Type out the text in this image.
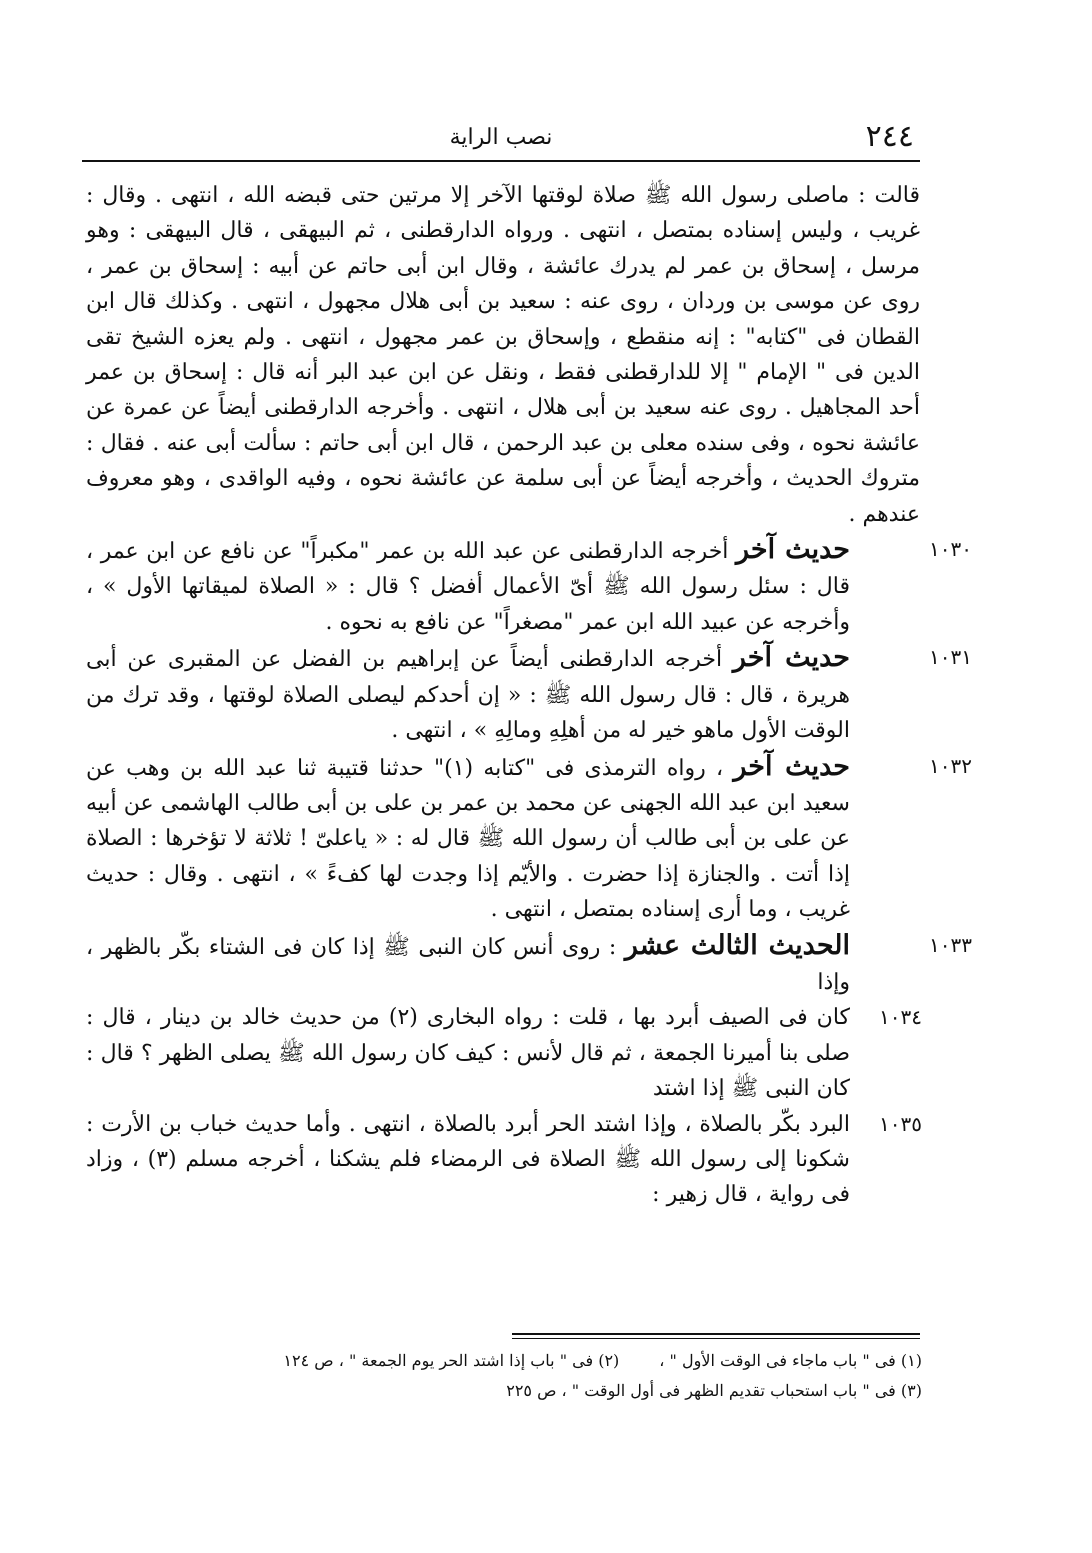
٢٤٤
نصب الراية

قالت : ماصلى رسول الله ﷺ صلاة لوقتها الآخر إلا مرتين حتى قبضه الله ، انتهى . وقال : غريب ، وليس إسناده بمتصل ، انتهى . ورواه الدارقطنى ، ثم البيهقى ، قال البيهقى : وهو مرسل ، إسحاق بن عمر لم يدرك عائشة ، وقال ابن أبى حاتم عن أبيه : إسحاق بن عمر ، روى عن موسى بن وردان ، روى عنه : سعيد بن أبى هلال مجهول ، انتهى . وكذلك قال ابن القطان فى "كتابه" : إنه منقطع ، وإسحاق بن عمر مجهول ، انتهى . ولم يعزه الشيخ تقى الدين فى " الإمام " إلا للدارقطنى فقط ، ونقل عن ابن عبد البر أنه قال : إسحاق بن عمر أحد المجاهيل . روى عنه سعيد بن أبى هلال ، انتهى . وأخرجه الدارقطنى أيضاً عن عمرة عن عائشة نحوه ، وفى سنده معلى بن عبد الرحمن ، قال ابن أبى حاتم : سألت أبى عنه . فقال : متروك الحديث ، وأخرجه أيضاً عن أبى سلمة عن عائشة نحوه ، وفيه الواقدى ، وهو معروف عندهم .

١٠٣٠
حديث آخر أخرجه الدارقطنى عن عبد الله بن عمر "مكبراً" عن نافع عن ابن عمر ، قال : سئل رسول الله ﷺ أىّ الأعمال أفضل ؟ قال : « الصلاة لميقاتها الأول » ، وأخرجه عن عبيد الله ابن عمر "مصغراً" عن نافع به نحوه .

١٠٣١
حديث آخر أخرجه الدارقطنى أيضاً عن إبراهيم بن الفضل عن المقبرى عن أبى هريرة ، قال : قال رسول الله ﷺ : « إن أحدكم ليصلى الصلاة لوقتها ، وقد ترك من الوقت الأول ماهو خير له من أهلِهِ ومالِهِ » ، انتهى .

١٠٣٢
حديث آخر ، رواه الترمذى فى "كتابه (١)" حدثنا قتيبة ثنا عبد الله بن وهب عن سعيد ابن عبد الله الجهنى عن محمد بن عمر بن على بن أبى طالب الهاشمى عن أبيه عن على بن أبى طالب أن رسول الله ﷺ قال له : « ياعلىّ ! ثلاثة لا تؤخرها : الصلاة إذا أتت . والجنازة إذا حضرت . والأيّم إذا وجدت لها كفءً » ، انتهى . وقال : حديث غريب ، وما أرى إسناده بمتصل ، انتهى .

١٠٣٣
الحديث الثالث عشر : روى أنس كان النبى ﷺ إذا كان فى الشتاء بكّر بالظهر ، وإذا

١٠٣٤
كان فى الصيف أبرد بها ، قلت : رواه البخارى (٢) من حديث خالد بن دينار ، قال : صلى بنا أميرنا الجمعة ، ثم قال لأنس : كيف كان رسول الله ﷺ يصلى الظهر ؟ قال : كان النبى ﷺ إذا اشتد

١٠٣٥
البرد بكّر بالصلاة ، وإذا اشتد الحر أبرد بالصلاة ، انتهى . وأما حديث خباب بن الأرت : شكونا إلى رسول الله ﷺ الصلاة فى الرمضاء فلم يشكنا ، أخرجه مسلم (٣) ، وزاد فى رواية ، قال زهير :

(١) فى " باب ماجاء فى الوقت الأول " ،
(٢) فى " باب إذا اشتد الحر يوم الجمعة " ، ص ١٢٤
(٣) فى " باب استحباب تقديم الظهر فى أول الوقت " ، ص ٢٢٥
